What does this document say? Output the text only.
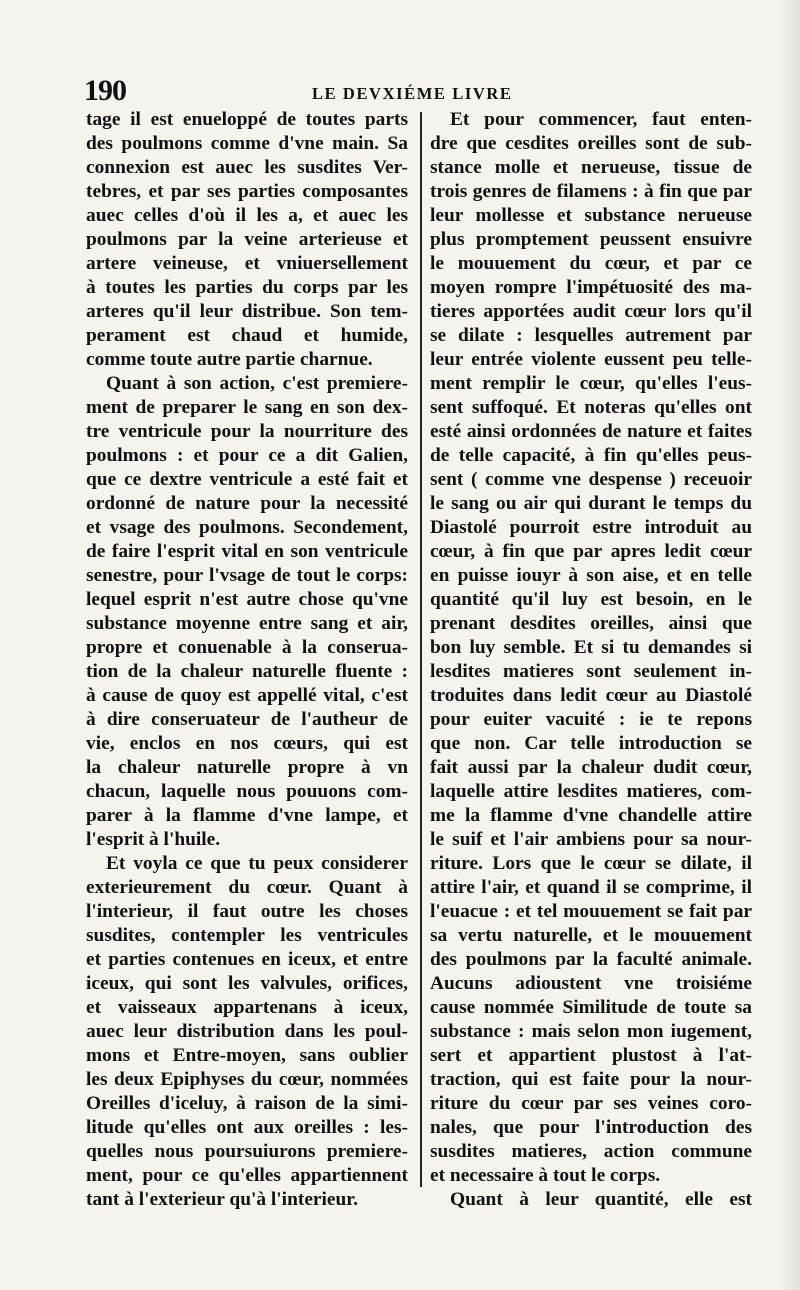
190	LE DEVXIÉME LIVRE
tage il est enueloppé de toutes parts
des poulmons comme d'vne main. Sa
connexion est auec les susdites Ver-
tebres, et par ses parties composantes
auec celles d'où il les a, et auec les
poulmons par la veine arterieuse et
artere veineuse, et vniuersellement
à toutes les parties du corps par les
arteres qu'il leur distribue. Son tem-
perament est chaud et humide,
comme toute autre partie charnue.
Quant à son action, c'est premiere-
ment de preparer le sang en son dex-
tre ventricule pour la nourriture des
poulmons : et pour ce a dit Galien,
que ce dextre ventricule a esté fait et
ordonné de nature pour la necessité
et vsage des poulmons. Secondement,
de faire l'esprit vital en son ventricule
senestre, pour l'vsage de tout le corps:
lequel esprit n'est autre chose qu'vne
substance moyenne entre sang et air,
propre et conuenable à la conserua-
tion de la chaleur naturelle fluente :
à cause de quoy est appellé vital, c'est
à dire conseruateur de l'autheur de
vie, enclos en nos cœurs, qui est
la chaleur naturelle propre à vn
chacun, laquelle nous pouuons com-
parer à la flamme d'vne lampe, et
l'esprit à l'huile.
Et voyla ce que tu peux considerer
exterieurement du cœur. Quant à
l'interieur, il faut outre les choses
susdites, contempler les ventricules
et parties contenues en iceux, et entre
iceux, qui sont les valvules, orifices,
et vaisseaux appartenans à iceux,
auec leur distribution dans les poul-
mons et Entre-moyen, sans oublier
les deux Epiphyses du cœur, nommées
Oreilles d'iceluy, à raison de la simi-
litude qu'elles ont aux oreilles : les-
quelles nous poursuiurons premiere-
ment, pour ce qu'elles appartiennent
tant à l'exterieur qu'à l'interieur.
Et pour commencer, faut enten-
dre que cesdites oreilles sont de sub-
stance molle et nerueuse, tissue de
trois genres de filamens : à fin que par
leur mollesse et substance nerueuse
plus promptement peussent ensuivre
le mouuement du cœur, et par ce
moyen rompre l'impétuosité des ma-
tieres apportées audit cœur lors qu'il
se dilate : lesquelles autrement par
leur entrée violente eussent peu telle-
ment remplir le cœur, qu'elles l'eus-
sent suffoqué. Et noteras qu'elles ont
esté ainsi ordonnées de nature et faites
de telle capacité, à fin qu'elles peus-
sent ( comme vne despense ) receuoir
le sang ou air qui durant le temps du
Diastolé pourroit estre introduit au
cœur, à fin que par apres ledit cœur
en puisse iouyr à son aise, et en telle
quantité qu'il luy est besoin, en le
prenant desdites oreilles, ainsi que
bon luy semble. Et si tu demandes si
lesdites matieres sont seulement in-
troduites dans ledit cœur au Diastolé
pour euiter vacuité : ie te repons
que non. Car telle introduction se
fait aussi par la chaleur dudit cœur,
laquelle attire lesdites matieres, com-
me la flamme d'vne chandelle attire
le suif et l'air ambiens pour sa nour-
riture. Lors que le cœur se dilate, il
attire l'air, et quand il se comprime, il
l'euacue : et tel mouuement se fait par
sa vertu naturelle, et le mouuement
des poulmons par la faculté animale.
Aucuns adioustent vne troisiéme
cause nommée Similitude de toute sa
substance : mais selon mon iugement,
sert et appartient plustost à l'at-
traction, qui est faite pour la nour-
riture du cœur par ses veines coro-
nales, que pour l'introduction des
susdites matieres, action commune
et necessaire à tout le corps.
Quant à leur quantité, elle est
